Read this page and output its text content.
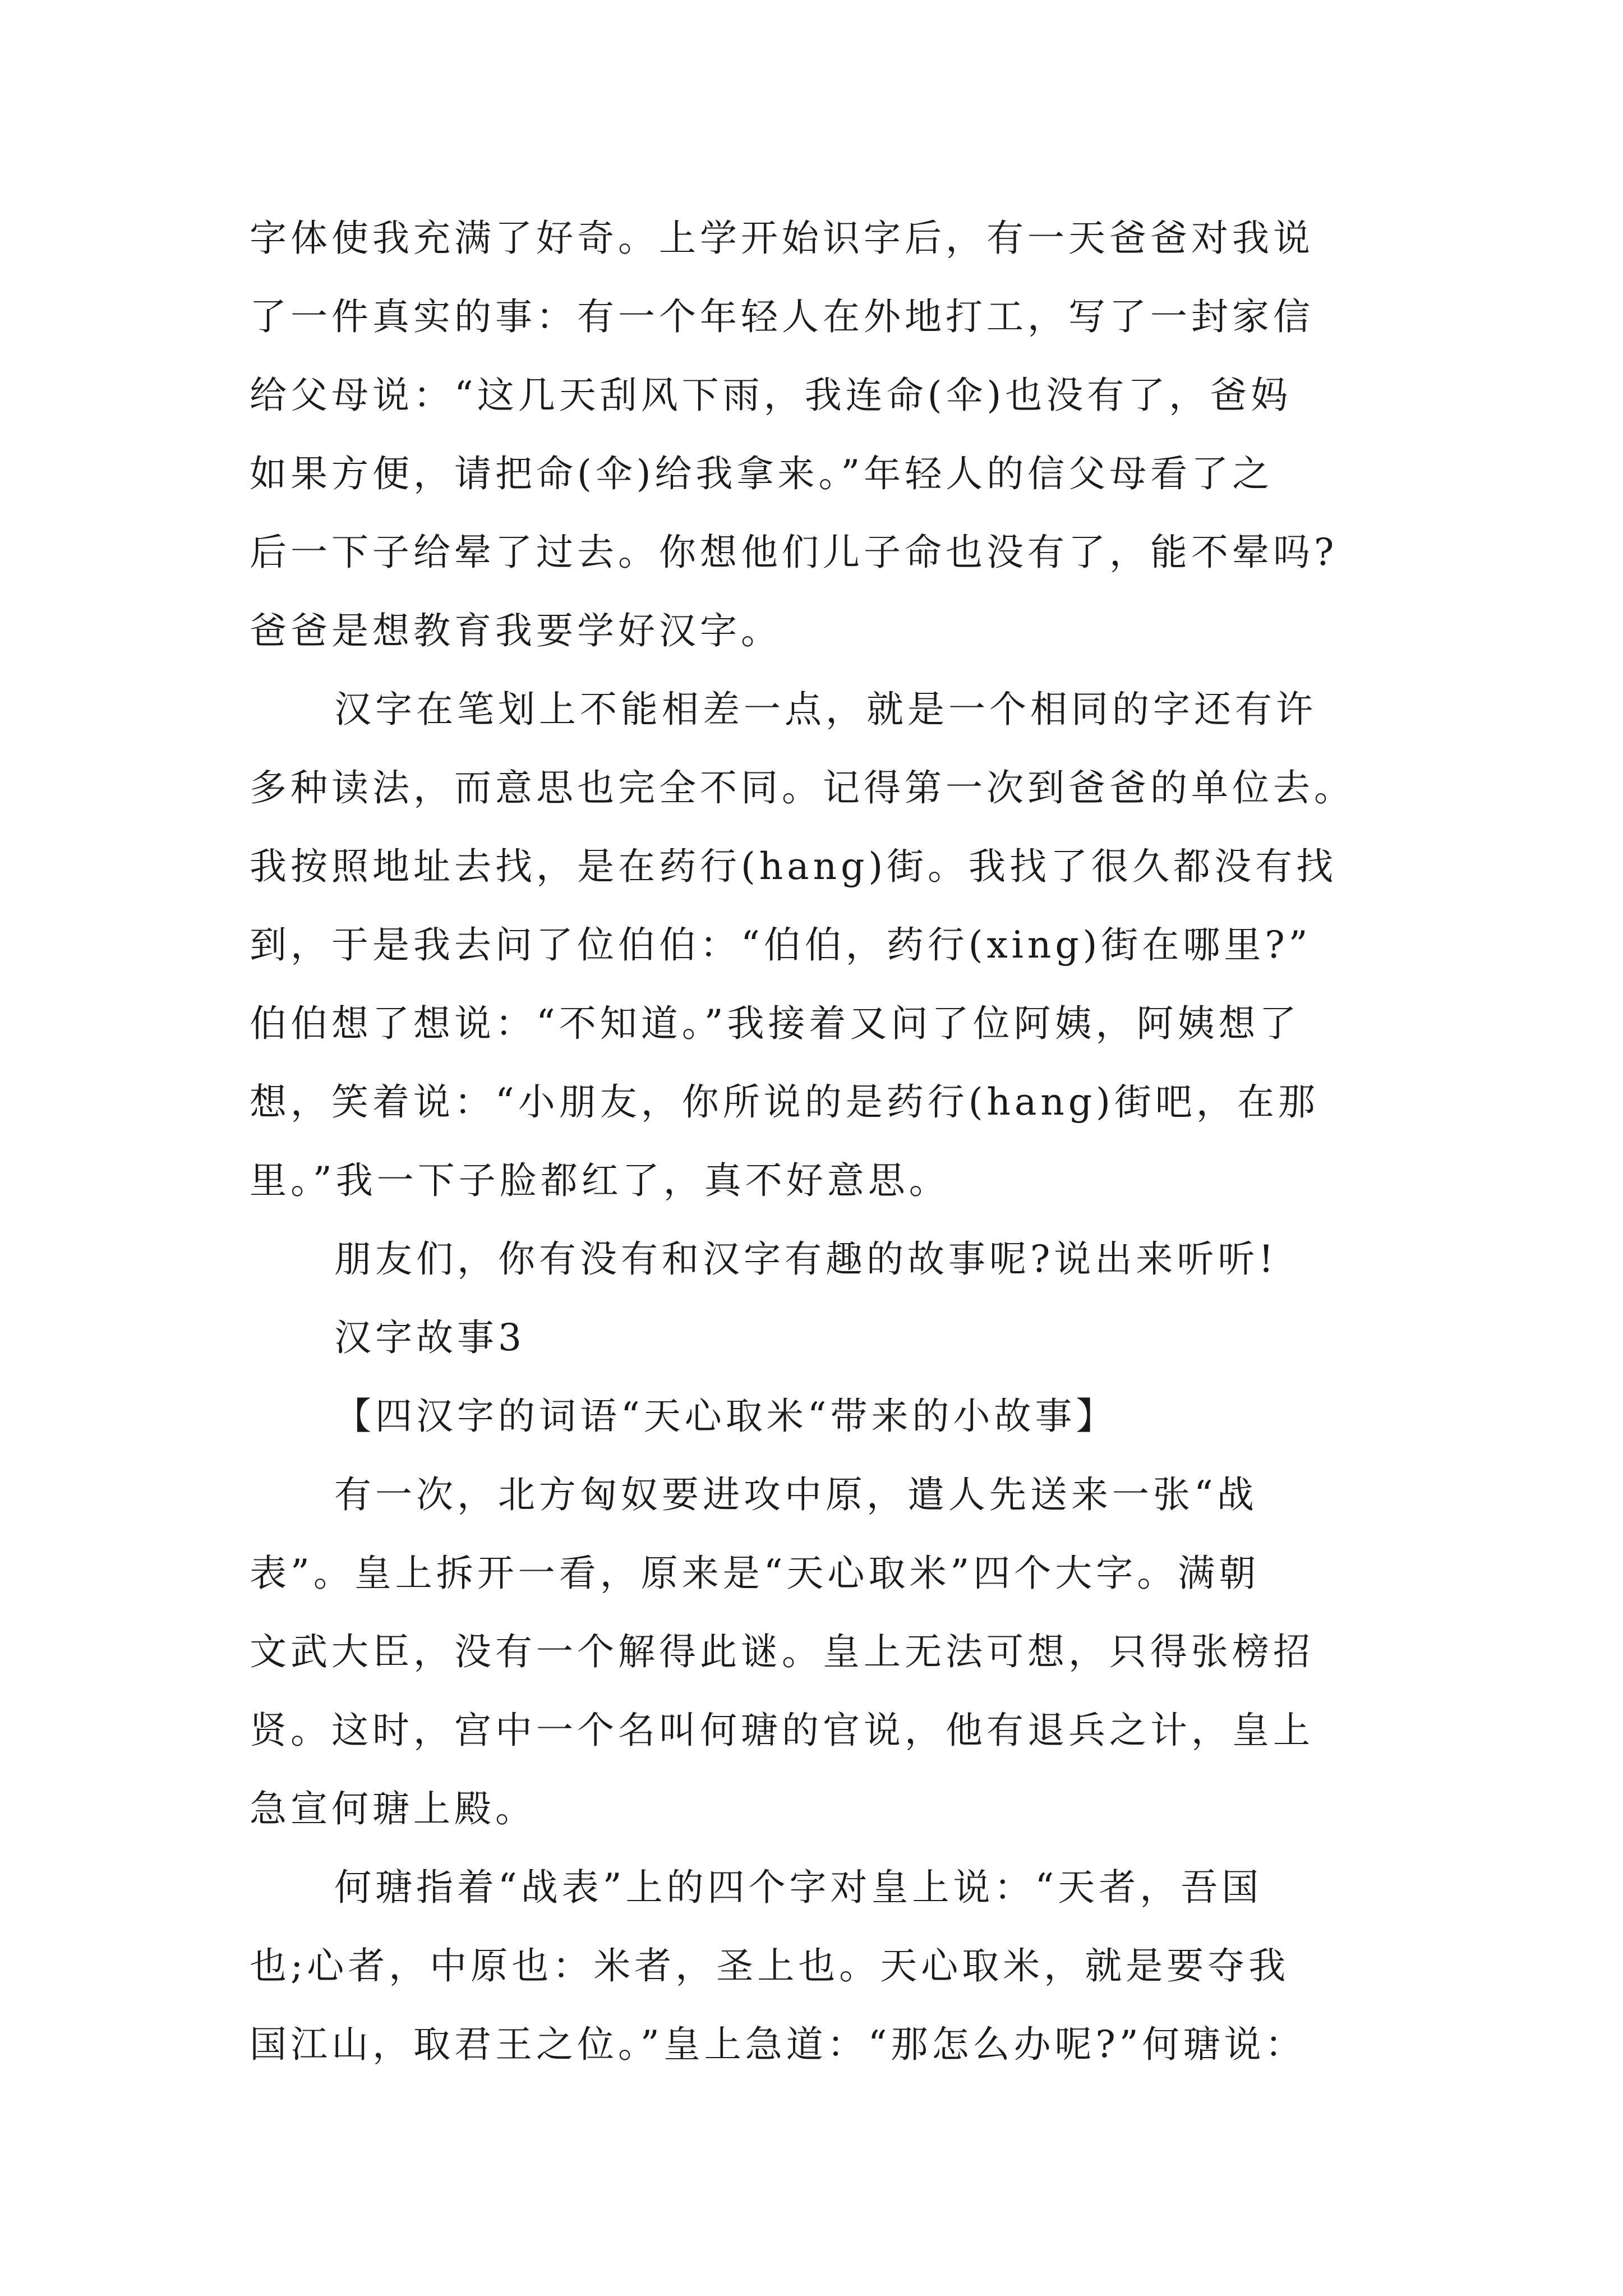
字体使我充满了好奇。上学开始识字后，有一天爸爸对我说
了一件真实的事：有一个年轻人在外地打工，写了一封家信
给父母说：“这几天刮风下雨，我连命(伞)也没有了，爸妈
如果方便，请把命(伞)给我拿来。”年轻人的信父母看了之
后一下子给晕了过去。你想他们儿子命也没有了，能不晕吗?
爸爸是想教育我要学好汉字。
汉字在笔划上不能相差一点，就是一个相同的字还有许
多种读法，而意思也完全不同。记得第一次到爸爸的单位去。
我按照地址去找，是在药行(hang)街。我找了很久都没有找
到，于是我去问了位伯伯：“伯伯，药行(xing)街在哪里?”
伯伯想了想说：“不知道。”我接着又问了位阿姨，阿姨想了
想，笑着说：“小朋友，你所说的是药行(hang)街吧，在那
里。”我一下子脸都红了，真不好意思。
朋友们，你有没有和汉字有趣的故事呢?说出来听听!
汉字故事3
【四汉字的词语“天心取米“带来的小故事】
有一次，北方匈奴要进攻中原，遣人先送来一张“战
表”。皇上拆开一看，原来是“天心取米”四个大字。满朝
文武大臣，没有一个解得此谜。皇上无法可想，只得张榜招
贤。这时，宫中一个名叫何瑭的官说，他有退兵之计，皇上
急宣何瑭上殿。
何瑭指着“战表”上的四个字对皇上说：“天者，吾国
也;心者，中原也：米者，圣上也。天心取米，就是要夺我
国江山，取君王之位。”皇上急道：“那怎么办呢?”何瑭说：
